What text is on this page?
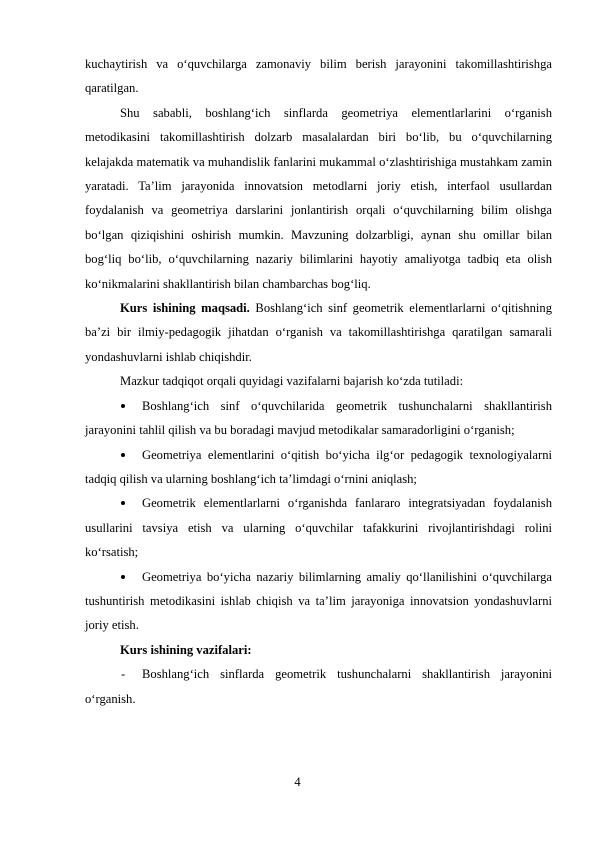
kuchaytirish va o‘quvchilarga zamonaviy bilim berish jarayonini takomillashtirishga qaratilgan.

Shu sababli, boshlang‘ich sinflarda geometriya elementlarlarini o‘rganish metodikasini takomillashtirish dolzarb masalalardan biri bo‘lib, bu o‘quvchilarning kelajakda matematik va muhandislik fanlarini mukammal o‘zlashtirishiga mustahkam zamin yaratadi. Ta’lim jarayonida innovatsion metodlarni joriy etish, interfaol usullardan foydalanish va geometriya darslarini jonlantirish orqali o‘quvchilarning bilim olishga bo‘lgan qiziqishini oshirish mumkin. Mavzuning dolzarbligi, aynan shu omillar bilan bog‘liq bo‘lib, o‘quvchilarning nazariy bilimlarini hayotiy amaliyotga tadbiq eta olish ko‘nikmalarini shakllantirish bilan chambarchas bog‘liq.

Kurs ishining maqsadi. Boshlang‘ich sinf geometrik elementlarlarni o‘qitishning ba’zi bir ilmiy-pedagogik jihatdan o‘rganish va takomillashtirishga qaratilgan samarali yondashuvlarni ishlab chiqishdir.

Mazkur tadqiqot orqali quyidagi vazifalarni bajarish ko‘zda tutiladi:

Boshlang‘ich sinf o‘quvchilarida geometrik tushunchalarni shakllantirish jarayonini tahlil qilish va bu boradagi mavjud metodikalar samaradorligini o‘rganish;
Geometriya elementlarini o‘qitish bo‘yicha ilg‘or pedagogik texnologiyalarni tadqiq qilish va ularning boshlang‘ich ta’limdagi o‘rnini aniqlash;
Geometrik elementlarlarni o‘rganishda fanlararo integratsiyadan foydalanish usullarini tavsiya etish va ularning o‘quvchilar tafakkurini rivojlantirishdagi rolini ko‘rsatish;
Geometriya bo‘yicha nazariy bilimlarning amaliy qo‘llanilishini o‘quvchilarga tushuntirish metodikasini ishlab chiqish va ta’lim jarayoniga innovatsion yondashuvlarni joriy etish.

Kurs ishining vazifalari:

-	Boshlang‘ich sinflarda geometrik tushunchalarni shakllantirish jarayonini o‘rganish.
4
